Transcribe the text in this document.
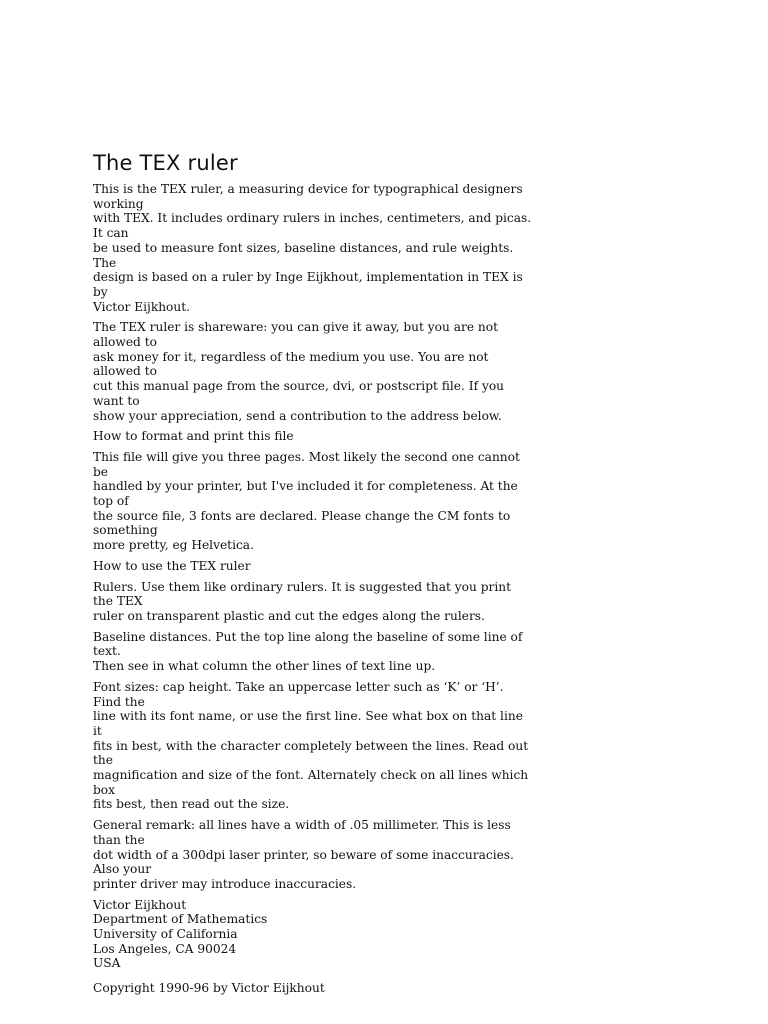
The TEX ruler

This is the TEX ruler, a measuring device for typographical designers working
with TEX. It includes ordinary rulers in inches, centimeters, and picas. It can
be used to measure font sizes, baseline distances, and rule weights. The
design is based on a ruler by Inge Eijkhout, implementation in TEX is by
Victor Eijkhout.

The TEX ruler is shareware: you can give it away, but you are not allowed to
ask money for it, regardless of the medium you use. You are not allowed to
cut this manual page from the source, dvi, or postscript file. If you want to
show your appreciation, send a contribution to the address below.

How to format and print this file

This file will give you three pages. Most likely the second one cannot be
handled by your printer, but I've included it for completeness. At the top of
the source file, 3 fonts are declared. Please change the CM fonts to something
more pretty, eg Helvetica.

How to use the TEX ruler

Rulers. Use them like ordinary rulers. It is suggested that you print the TEX
ruler on transparent plastic and cut the edges along the rulers.

Baseline distances. Put the top line along the baseline of some line of text.
Then see in what column the other lines of text line up.

Font sizes: cap height. Take an uppercase letter such as ‘K’ or ‘H’. Find the
line with its font name, or use the first line. See what box on that line it
fits in best, with the character completely between the lines. Read out the
magnification and size of the font. Alternately check on all lines which box
fits best, then read out the size.

General remark: all lines have a width of .05 millimeter. This is less than the
dot width of a 300dpi laser printer, so beware of some inaccuracies. Also your
printer driver may introduce inaccuracies.

Victor Eijkhout
Department of Mathematics
University of California
Los Angeles, CA 90024
USA

Copyright 1990-96 by Victor Eijkhout
